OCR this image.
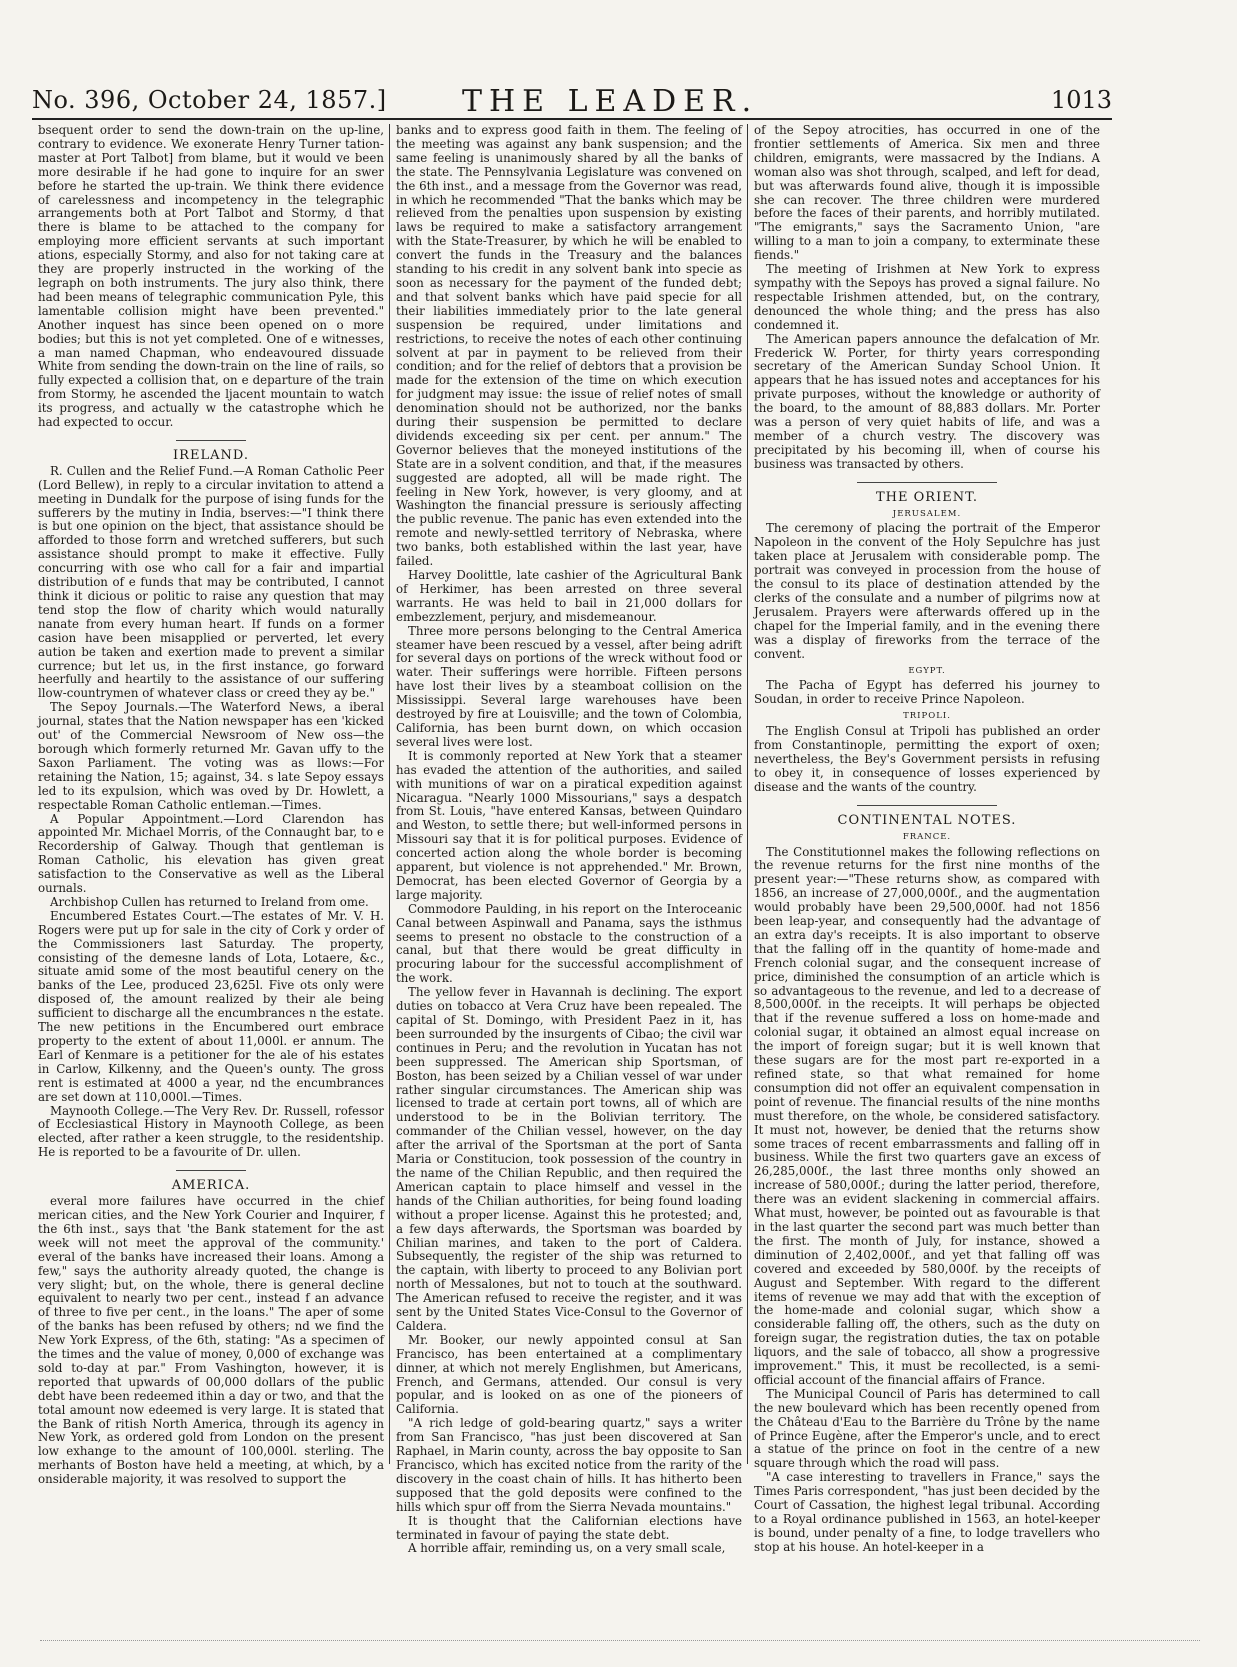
No. 396, October 24, 1857.]	THE LEADER.	1013

bsequent order to send the down-train on the up-line, contrary to evidence. We exonerate Henry Turner tation-master at Port Talbot] from blame, but it would ve been more desirable if he had gone to inquire for an swer before he started the up-train. We think there evidence of carelessness and incompetency in the telegraphic arrangements both at Port Talbot and Stormy, d that there is blame to be attached to the company for employing more efficient servants at such important ations, especially Stormy, and also for not taking care at they are properly instructed in the working of the legraph on both instruments. The jury also think, there had been means of telegraphic communication Pyle, this lamentable collision might have been prevented." Another inquest has since been opened on o more bodies; but this is not yet completed. One of e witnesses, a man named Chapman, who endeavoured dissuade White from sending the down-train on the line of rails, so fully expected a collision that, on e departure of the train from Stormy, he ascended the ljacent mountain to watch its progress, and actually w the catastrophe which he had expected to occur.

IRELAND.

R. Cullen and the Relief Fund.—A Roman Catholic Peer (Lord Bellew), in reply to a circular invitation to attend a meeting in Dundalk for the purpose of ising funds for the sufferers by the mutiny in India, bserves:—"I think there is but one opinion on the bject, that assistance should be afforded to those forrn and wretched sufferers, but such assistance should prompt to make it effective. Fully concurring with ose who call for a fair and impartial distribution of e funds that may be contributed, I cannot think it dicious or politic to raise any question that may tend stop the flow of charity which would naturally nanate from every human heart. If funds on a former casion have been misapplied or perverted, let every aution be taken and exertion made to prevent a similar currence; but let us, in the first instance, go forward heerfully and heartily to the assistance of our suffering llow-countrymen of whatever class or creed they ay be."

The Sepoy Journals.—The Waterford News, a iberal journal, states that the Nation newspaper has een 'kicked out' of the Commercial Newsroom of New oss—the borough which formerly returned Mr. Gavan uffy to the Saxon Parliament. The voting was as llows:—For retaining the Nation, 15; against, 34. s late Sepoy essays led to its expulsion, which was oved by Dr. Howlett, a respectable Roman Catholic entleman.—Times.

A Popular Appointment.—Lord Clarendon has appointed Mr. Michael Morris, of the Connaught bar, to e Recordership of Galway. Though that gentleman is Roman Catholic, his elevation has given great satisfaction to the Conservative as well as the Liberal ournals.

Archbishop Cullen has returned to Ireland from ome.

Encumbered Estates Court.—The estates of Mr. V. H. Rogers were put up for sale in the city of Cork y order of the Commissioners last Saturday. The property, consisting of the demesne lands of Lota, Lotaere, &c., situate amid some of the most beautiful cenery on the banks of the Lee, produced 23,625l. Five ots only were disposed of, the amount realized by their ale being sufficient to discharge all the encumbrances n the estate. The new petitions in the Encumbered ourt embrace property to the extent of about 11,000l. er annum. The Earl of Kenmare is a petitioner for the ale of his estates in Carlow, Kilkenny, and the Queen's ounty. The gross rent is estimated at 4000 a year, nd the encumbrances are set down at 110,000l.—Times.

Maynooth College.—The Very Rev. Dr. Russell, rofessor of Ecclesiastical History in Maynooth College, as been elected, after rather a keen struggle, to the residentship. He is reported to be a favourite of Dr. ullen.

AMERICA.

everal more failures have occurred in the chief merican cities, and the New York Courier and Inquirer, f the 6th inst., says that 'the Bank statement for the ast week will not meet the approval of the community.' everal of the banks have increased their loans. Among a few," says the authority already quoted, the change is very slight; but, on the whole, there is general decline equivalent to nearly two per cent., instead f an advance of three to five per cent., in the loans." The aper of some of the banks has been refused by others; nd we find the New York Express, of the 6th, stating: "As a specimen of the times and the value of money, 0,000 of exchange was sold to-day at par." From Vashington, however, it is reported that upwards of 00,000 dollars of the public debt have been redeemed ithin a day or two, and that the total amount now edeemed is very large. It is stated that the Bank of ritish North America, through its agency in New York, as ordered gold from London on the present low exhange to the amount of 100,000l. sterling. The merhants of Boston have held a meeting, at which, by a onsiderable majority, it was resolved to support the

banks and to express good faith in them. The feeling of the meeting was against any bank suspension; and the same feeling is unanimously shared by all the banks of the state. The Pennsylvania Legislature was convened on the 6th inst., and a message from the Governor was read, in which he recommended "That the banks which may be relieved from the penalties upon suspension by existing laws be required to make a satisfactory arrangement with the State-Treasurer, by which he will be enabled to convert the funds in the Treasury and the balances standing to his credit in any solvent bank into specie as soon as necessary for the payment of the funded debt; and that solvent banks which have paid specie for all their liabilities immediately prior to the late general suspension be required, under limitations and restrictions, to receive the notes of each other continuing solvent at par in payment to be relieved from their condition; and for the relief of debtors that a provision be made for the extension of the time on which execution for judgment may issue: the issue of relief notes of small denomination should not be authorized, nor the banks during their suspension be permitted to declare dividends exceeding six per cent. per annum." The Governor believes that the moneyed institutions of the State are in a solvent condition, and that, if the measures suggested are adopted, all will be made right. The feeling in New York, however, is very gloomy, and at Washington the financial pressure is seriously affecting the public revenue. The panic has even extended into the remote and newly-settled territory of Nebraska, where two banks, both established within the last year, have failed.

Harvey Doolittle, late cashier of the Agricultural Bank of Herkimer, has been arrested on three several warrants. He was held to bail in 21,000 dollars for embezzlement, perjury, and misdemeanour.

Three more persons belonging to the Central America steamer have been rescued by a vessel, after being adrift for several days on portions of the wreck without food or water. Their sufferings were horrible. Fifteen persons have lost their lives by a steamboat collision on the Mississippi. Several large warehouses have been destroyed by fire at Louisville; and the town of Colombia, California, has been burnt down, on which occasion several lives were lost.

It is commonly reported at New York that a steamer has evaded the attention of the authorities, and sailed with munitions of war on a piratical expedition against Nicaragua. "Nearly 1000 Missourians," says a despatch from St. Louis, "have entered Kansas, between Quindaro and Weston, to settle there; but well-informed persons in Missouri say that it is for political purposes. Evidence of concerted action along the whole border is becoming apparent, but violence is not apprehended." Mr. Brown, Democrat, has been elected Governor of Georgia by a large majority.

Commodore Paulding, in his report on the Interoceanic Canal between Aspinwall and Panama, says the isthmus seems to present no obstacle to the construction of a canal, but that there would be great difficulty in procuring labour for the successful accomplishment of the work.

The yellow fever in Havannah is declining. The export duties on tobacco at Vera Cruz have been repealed. The capital of St. Domingo, with President Paez in it, has been surrounded by the insurgents of Cibao; the civil war continues in Peru; and the revolution in Yucatan has not been suppressed. The American ship Sportsman, of Boston, has been seized by a Chilian vessel of war under rather singular circumstances. The American ship was licensed to trade at certain port towns, all of which are understood to be in the Bolivian territory. The commander of the Chilian vessel, however, on the day after the arrival of the Sportsman at the port of Santa Maria or Constitucion, took possession of the country in the name of the Chilian Republic, and then required the American captain to place himself and vessel in the hands of the Chilian authorities, for being found loading without a proper license. Against this he protested; and, a few days afterwards, the Sportsman was boarded by Chilian marines, and taken to the port of Caldera. Subsequently, the register of the ship was returned to the captain, with liberty to proceed to any Bolivian port north of Messalones, but not to touch at the southward. The American refused to receive the register, and it was sent by the United States Vice-Consul to the Governor of Caldera.

Mr. Booker, our newly appointed consul at San Francisco, has been entertained at a complimentary dinner, at which not merely Englishmen, but Americans, French, and Germans, attended. Our consul is very popular, and is looked on as one of the pioneers of California.

"A rich ledge of gold-bearing quartz," says a writer from San Francisco, "has just been discovered at San Raphael, in Marin county, across the bay opposite to San Francisco, which has excited notice from the rarity of the discovery in the coast chain of hills. It has hitherto been supposed that the gold deposits were confined to the hills which spur off from the Sierra Nevada mountains."

It is thought that the Californian elections have terminated in favour of paying the state debt.

A horrible affair, reminding us, on a very small scale,

of the Sepoy atrocities, has occurred in one of the frontier settlements of America. Six men and three children, emigrants, were massacred by the Indians. A woman also was shot through, scalped, and left for dead, but was afterwards found alive, though it is impossible she can recover. The three children were murdered before the faces of their parents, and horribly mutilated. "The emigrants," says the Sacramento Union, "are willing to a man to join a company, to exterminate these fiends."

The meeting of Irishmen at New York to express sympathy with the Sepoys has proved a signal failure. No respectable Irishmen attended, but, on the contrary, denounced the whole thing; and the press has also condemned it.

The American papers announce the defalcation of Mr. Frederick W. Porter, for thirty years corresponding secretary of the American Sunday School Union. It appears that he has issued notes and acceptances for his private purposes, without the knowledge or authority of the board, to the amount of 88,883 dollars. Mr. Porter was a person of very quiet habits of life, and was a member of a church vestry. The discovery was precipitated by his becoming ill, when of course his business was transacted by others.

THE ORIENT.
JERUSALEM.

The ceremony of placing the portrait of the Emperor Napoleon in the convent of the Holy Sepulchre has just taken place at Jerusalem with considerable pomp. The portrait was conveyed in procession from the house of the consul to its place of destination attended by the clerks of the consulate and a number of pilgrims now at Jerusalem. Prayers were afterwards offered up in the chapel for the Imperial family, and in the evening there was a display of fireworks from the terrace of the convent.

EGYPT.

The Pacha of Egypt has deferred his journey to Soudan, in order to receive Prince Napoleon.

TRIPOLI.

The English Consul at Tripoli has published an order from Constantinople, permitting the export of oxen; nevertheless, the Bey's Government persists in refusing to obey it, in consequence of losses experienced by disease and the wants of the country.

CONTINENTAL NOTES.
FRANCE.

The Constitutionnel makes the following reflections on the revenue returns for the first nine months of the present year:—"These returns show, as compared with 1856, an increase of 27,000,000f., and the augmentation would probably have been 29,500,000f. had not 1856 been leap-year, and consequently had the advantage of an extra day's receipts. It is also important to observe that the falling off in the quantity of home-made and French colonial sugar, and the consequent increase of price, diminished the consumption of an article which is so advantageous to the revenue, and led to a decrease of 8,500,000f. in the receipts. It will perhaps be objected that if the revenue suffered a loss on home-made and colonial sugar, it obtained an almost equal increase on the import of foreign sugar; but it is well known that these sugars are for the most part re-exported in a refined state, so that what remained for home consumption did not offer an equivalent compensation in point of revenue. The financial results of the nine months must therefore, on the whole, be considered satisfactory. It must not, however, be denied that the returns show some traces of recent embarrassments and falling off in business. While the first two quarters gave an excess of 26,285,000f., the last three months only showed an increase of 580,000f.; during the latter period, therefore, there was an evident slackening in commercial affairs. What must, however, be pointed out as favourable is that in the last quarter the second part was much better than the first. The month of July, for instance, showed a diminution of 2,402,000f., and yet that falling off was covered and exceeded by 580,000f. by the receipts of August and September. With regard to the different items of revenue we may add that with the exception of the home-made and colonial sugar, which show a considerable falling off, the others, such as the duty on foreign sugar, the registration duties, the tax on potable liquors, and the sale of tobacco, all show a progressive improvement." This, it must be recollected, is a semi-official account of the financial affairs of France.

The Municipal Council of Paris has determined to call the new boulevard which has been recently opened from the Château d'Eau to the Barrière du Trône by the name of Prince Eugène, after the Emperor's uncle, and to erect a statue of the prince on foot in the centre of a new square through which the road will pass.

"A case interesting to travellers in France," says the Times Paris correspondent, "has just been decided by the Court of Cassation, the highest legal tribunal. According to a Royal ordinance published in 1563, an hotel-keeper is bound, under penalty of a fine, to lodge travellers who stop at his house. An hotel-keeper in a
